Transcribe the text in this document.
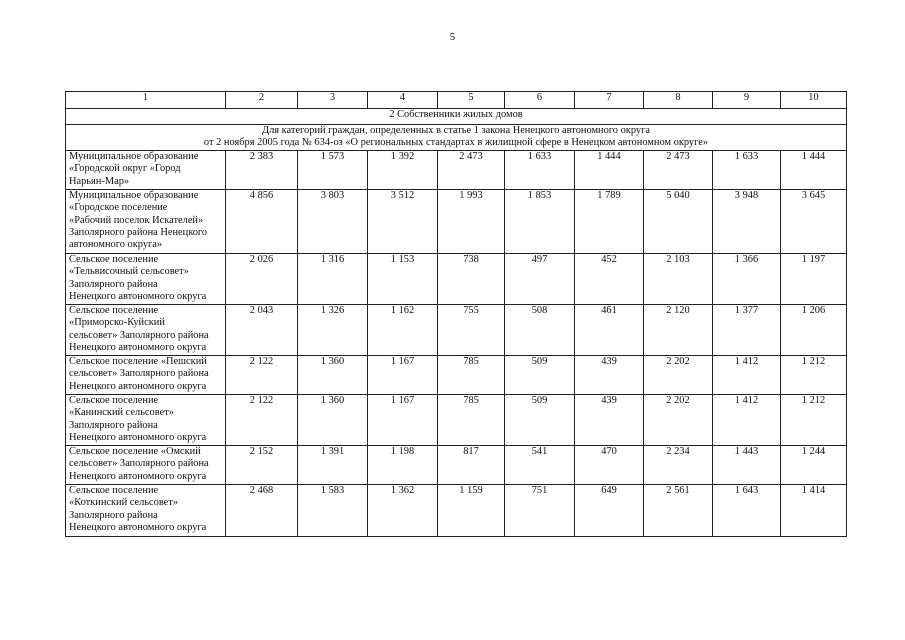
5
1	2	3	4	5	6	7	8	9	10
2 Собственники жилых домов									

Для категорий граждан, определенных в статье 1 закона Ненецкого автономного округа
от 2 ноября 2005 года № 634-оз «О региональных стандартах в жилищной сфере в Ненецком автономном округе»									

Муниципальное образование
«Городской округ «Город
Нарьян-Мар»	2 383	1 573	1 392	2 473	1 633	1 444	2 473	1 633	1 444

Муниципальное образование
«Городское поселение
«Рабочий поселок Искателей»
Заполярного района Ненецкого
автономного округа»	4 856	3 803	3 512	1 993	1 853	1 789	5 040	3 948	3 645

Сельское поселение
«Тельвисочный сельсовет»
Заполярного района
Ненецкого автономного округа	2 026	1 316	1 153	738	497	452	2 103	1 366	1 197

Сельское поселение
«Приморско-Куйский
сельсовет» Заполярного района
Ненецкого автономного округа	2 043	1 326	1 162	755	508	461	2 120	1 377	1 206

Сельское поселение «Пешский
сельсовет» Заполярного района
Ненецкого автономного округа	2 122	1 360	1 167	785	509	439	2 202	1 412	1 212

Сельское поселение
«Канинский сельсовет»
Заполярного района
Ненецкого автономного округа	2 122	1 360	1 167	785	509	439	2 202	1 412	1 212

Сельское поселение «Омский
сельсовет» Заполярного района
Ненецкого автономного округа	2 152	1 391	1 198	817	541	470	2 234	1 443	1 244

Сельское поселение
«Коткинский сельсовет»
Заполярного района
Ненецкого автономного округа	2 468	1 583	1 362	1 159	751	649	2 561	1 643	1 414
